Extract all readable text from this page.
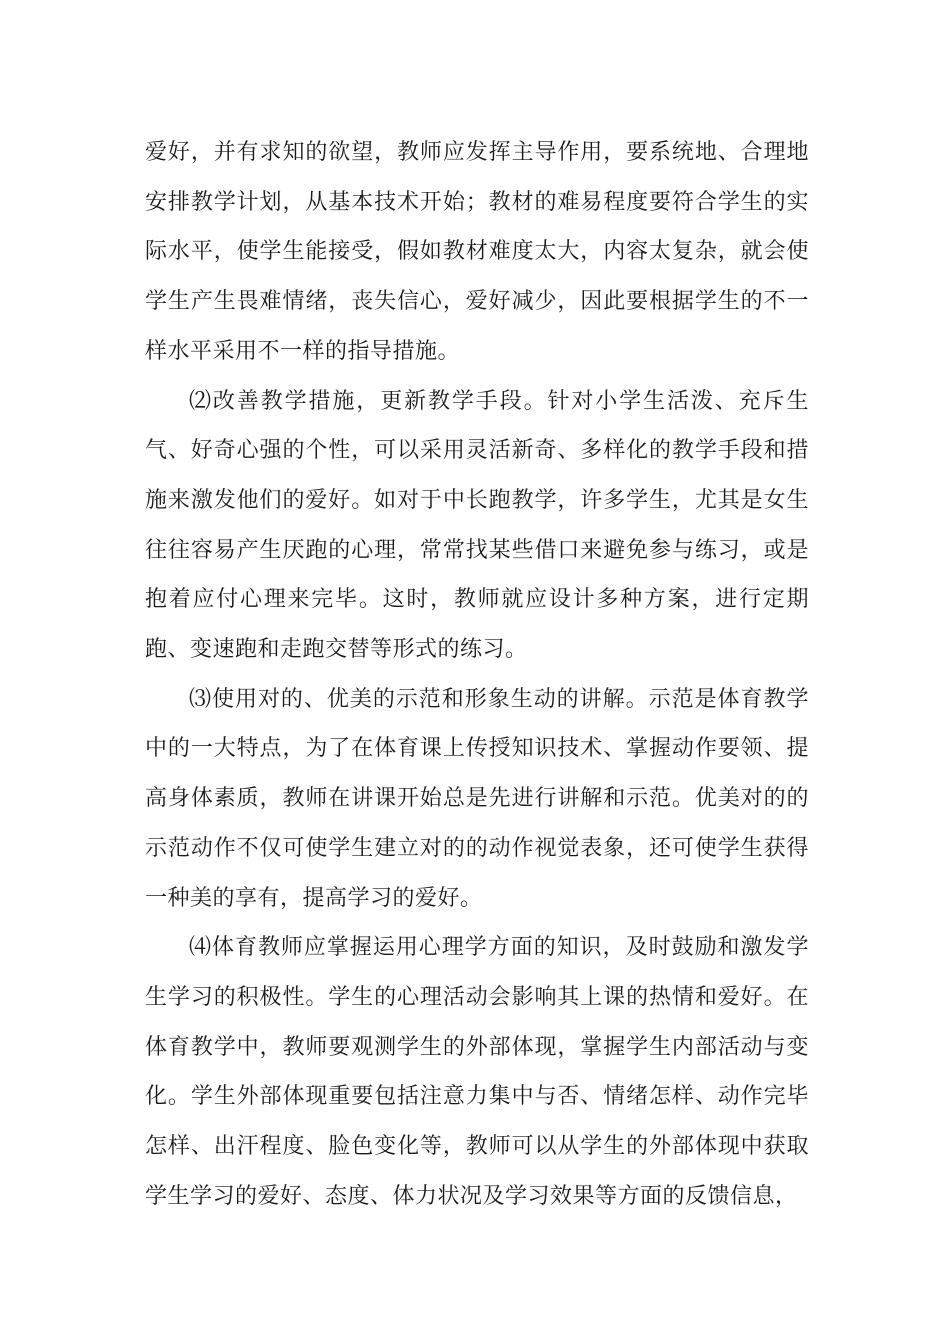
爱好，并有求知的欲望，教师应发挥主导作用，要系统地、合理地安排教学计划，从基本技术开始；教材的难易程度要符合学生的实际水平，使学生能接受，假如教材难度太大，内容太复杂，就会使学生产生畏难情绪，丧失信心，爱好减少，因此要根据学生的不一样水平采用不一样的指导措施。

⑵改善教学措施，更新教学手段。针对小学生活泼、充斥生气、好奇心强的个性，可以采用灵活新奇、多样化的教学手段和措施来激发他们的爱好。如对于中长跑教学，许多学生，尤其是女生往往容易产生厌跑的心理，常常找某些借口来避免参与练习，或是抱着应付心理来完毕。这时，教师就应设计多种方案，进行定期跑、变速跑和走跑交替等形式的练习。

⑶使用对的、优美的示范和形象生动的讲解。示范是体育教学中的一大特点，为了在体育课上传授知识技术、掌握动作要领、提高身体素质，教师在讲课开始总是先进行讲解和示范。优美对的的示范动作不仅可使学生建立对的的动作视觉表象，还可使学生获得一种美的享有，提高学习的爱好。

⑷体育教师应掌握运用心理学方面的知识，及时鼓励和激发学生学习的积极性。学生的心理活动会影响其上课的热情和爱好。在体育教学中，教师要观测学生的外部体现，掌握学生内部活动与变化。学生外部体现重要包括注意力集中与否、情绪怎样、动作完毕怎样、出汗程度、脸色变化等，教师可以从学生的外部体现中获取学生学习的爱好、态度、体力状况及学习效果等方面的反馈信息，
